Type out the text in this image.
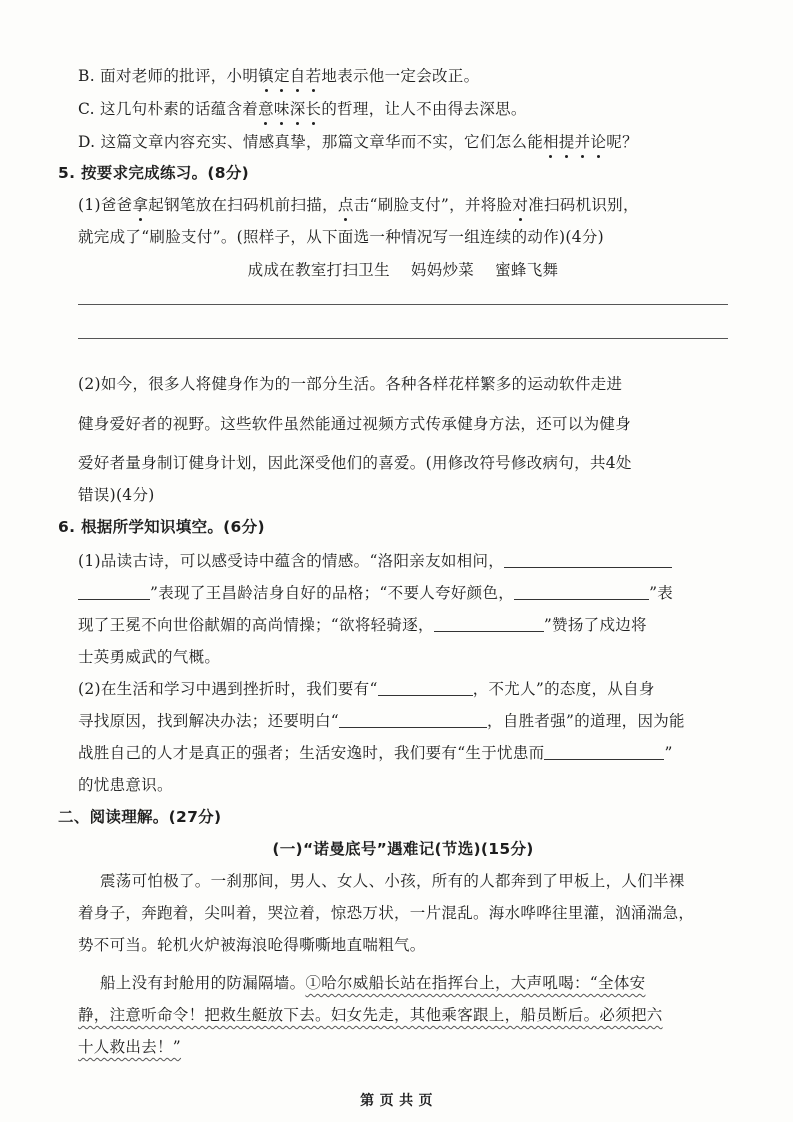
B. 面对老师的批评，小明镇定自若地表示他一定会改正。
C. 这几句朴素的话蕴含着意味深长的哲理，让人不由得去深思。
D. 这篇文章内容充实、情感真挚，那篇文章华而不实，它们怎么能相提并论呢？
5. 按要求完成练习。(8分)
(1)爸爸拿起钢笔放在扫码机前扫描，点击“刷脸支付”，并将脸对准扫码机识别，
就完成了“刷脸支付”。(照样子，从下面选一种情况写一组连续的动作)(4分)
成成在教室打扫卫生　 妈妈炒菜　 蜜蜂飞舞
(2)如今，很多人将健身作为的一部分生活。各种各样花样繁多的运动软件走进
健身爱好者的视野。这些软件虽然能通过视频方式传承健身方法，还可以为健身
爱好者量身制订健身计划，因此深受他们的喜爱。(用修改符号修改病句，共4处
错误)(4分)
6. 根据所学知识填空。(6分)
(1)品读古诗，可以感受诗中蕴含的情感。“洛阳亲友如相问，
”表现了王昌龄洁身自好的品格；“不要人夸好颜色，	”表
现了王冕不向世俗献媚的高尚情操；“欲将轻骑逐，	”赞扬了戍边将
士英勇威武的气概。
(2)在生活和学习中遇到挫折时，我们要有“	，不尤人”的态度，从自身
寻找原因，找到解决办法；还要明白“	，自胜者强”的道理，因为能
战胜自己的人才是真正的强者；生活安逸时，我们要有“生于忧患而	”
的忧患意识。
二、阅读理解。(27分)
(一)“诺曼底号”遇难记(节选)(15分)
震荡可怕极了。一刹那间，男人、女人、小孩，所有的人都奔到了甲板上，人们半裸
着身子，奔跑着，尖叫着，哭泣着，惊恐万状，一片混乱。海水哗哗往里灌，汹涌湍急，
势不可当。轮机火炉被海浪呛得嘶嘶地直喘粗气。
船上没有封舱用的防漏隔墙。①哈尔威船长站在指挥台上，大声吼喝：“全体安
静，注意听命令！把救生艇放下去。妇女先走，其他乘客跟上，船员断后。必须把六
十人救出去！”
第 页 共 页
